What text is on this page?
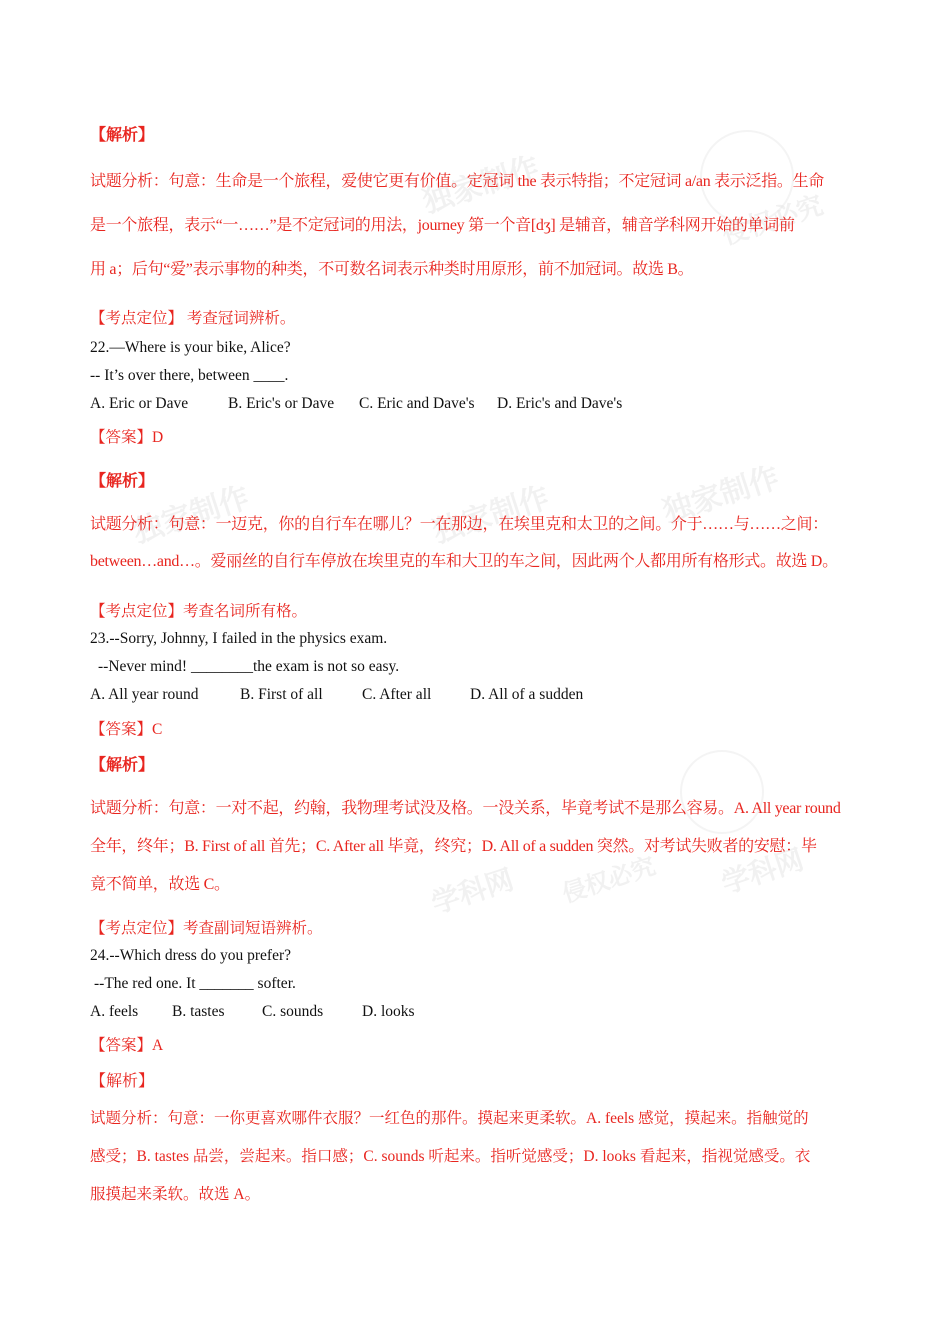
独家制作
侵权必究
独家制作	独家制作	独家制作
学科网 侵权必究 学科网
【解析】
试题分析：句意：生命是一个旅程，爱使它更有价值。定冠词 the 表示特指；不定冠词 a/an 表示泛指。生命
是一个旅程，表示“一……”是不定冠词的用法，journey 第一个音[dʒ] 是辅音，辅音学科网开始的单词前
用 a；后句“爱”表示事物的种类，不可数名词表示种类时用原形，前不加冠词。故选 B。
【考点定位】 考查冠词辨析。
22.—Where is your bike, Alice?
-- It’s over there, between ____.
A. Eric or Dave	B. Eric's or Dave C. Eric and Dave's D. Eric's and Dave's
【答案】D
【解析】
试题分析：句意：一迈克，你的自行车在哪儿？一在那边，在埃里克和太卫的之间。介于……与……之间：
between…and…。爱丽丝的自行车停放在埃里克的车和大卫的车之间，因此两个人都用所有格形式。故选 D。
【考点定位】考查名词所有格。
23.--Sorry, Johnny, I failed in the physics exam.
--Never mind! ________the exam is not so easy.
A. All year round	B. First of all	C. After all D. All of a sudden
【答案】C
【解析】
试题分析：句意：一对不起，约翰，我物理考试没及格。一没关系，毕竟考试不是那么容易。A. All year round
全年，终年；B. First of all 首先；C. After all 毕竟，终究；D. All of a sudden 突然。对考试失败者的安慰：毕
竟不简单，故选 C。
【考点定位】考查副词短语辨析。
24.--Which dress do you prefer?
--The red one. It _______ softer.
A. feels B. tastes C. sounds	D. looks
【答案】A
【解析】
试题分析：句意：一你更喜欢哪件衣服？一红色的那件。摸起来更柔软。A. feels 感觉，摸起来。指触觉的
感受；B. tastes 品尝，尝起来。指口感；C. sounds 听起来。指听觉感受；D. looks 看起来，指视觉感受。衣
服摸起来柔软。故选 A。
